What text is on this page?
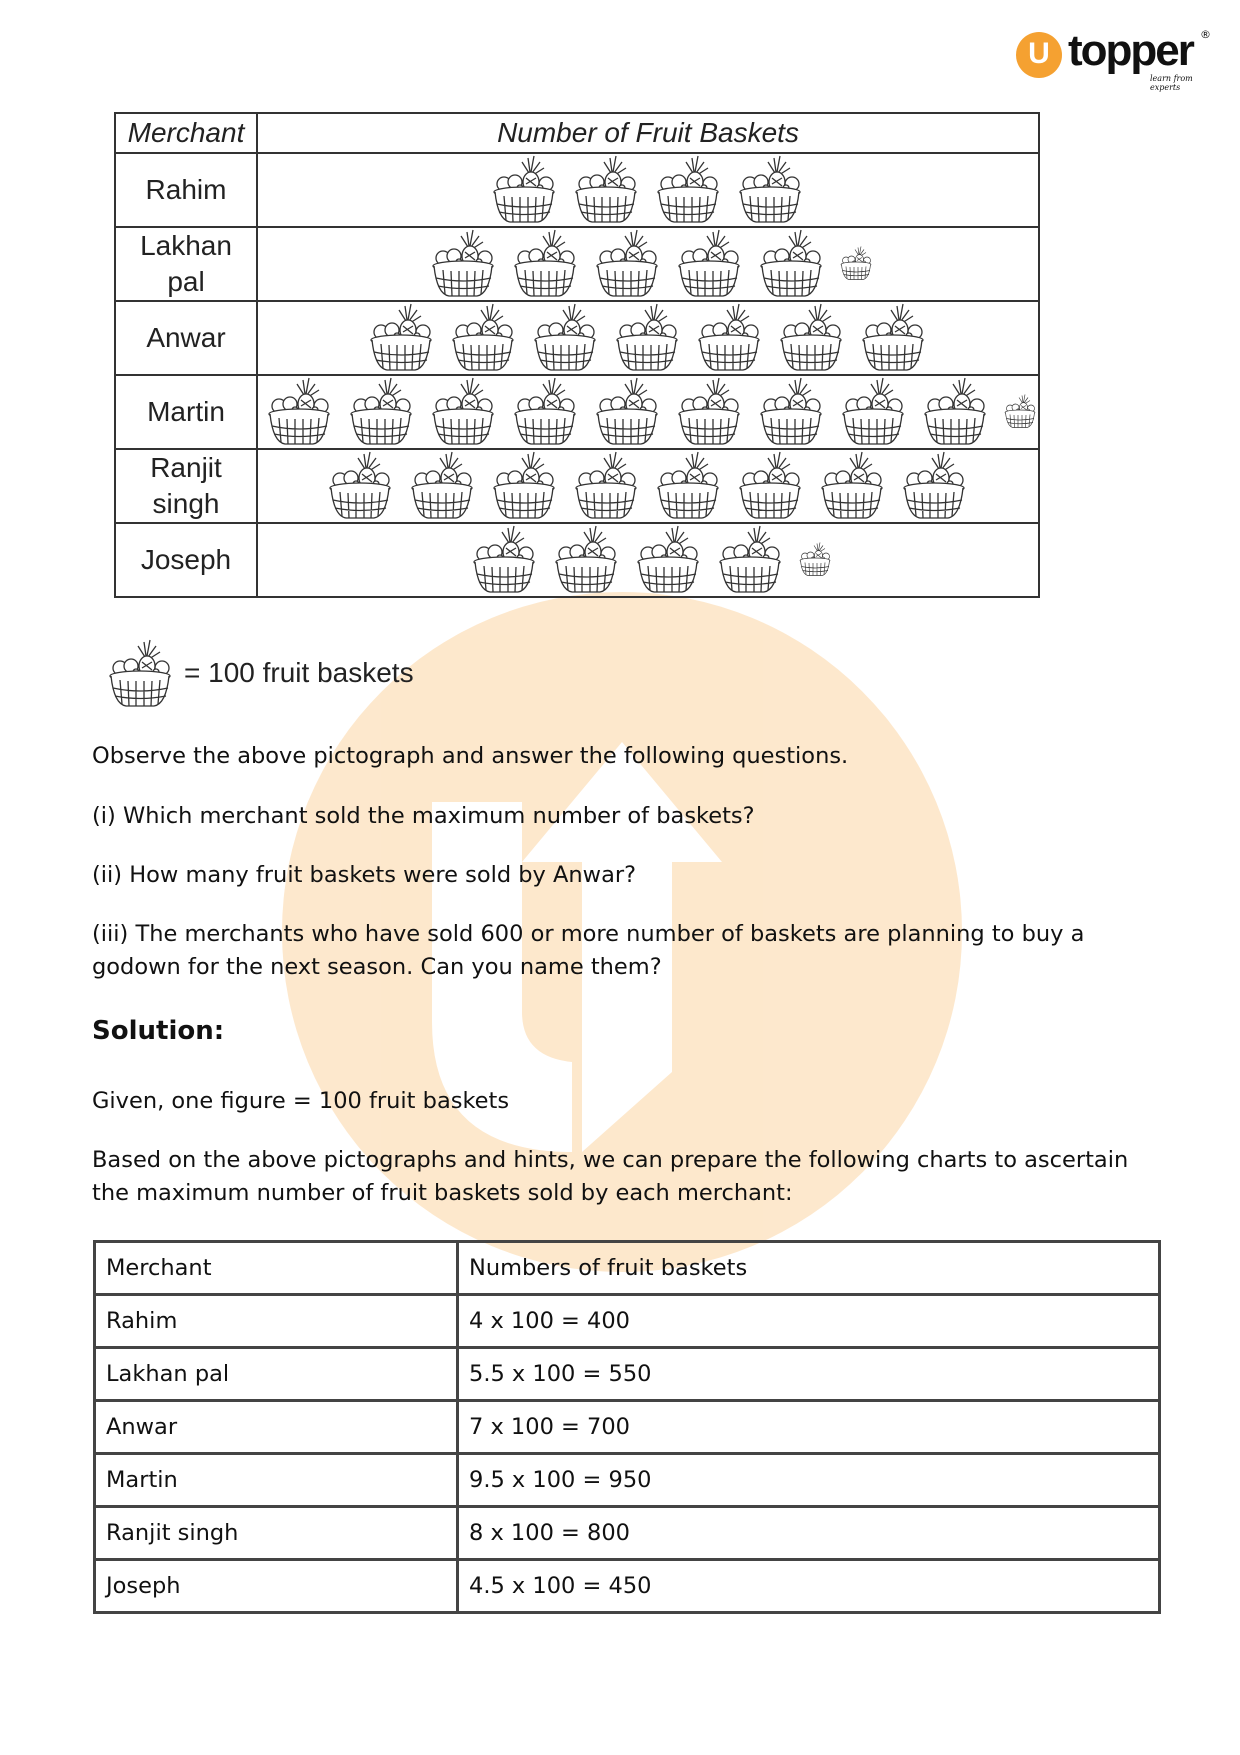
U topper ®
learn from experts
Merchant	Number of Fruit Baskets
Rahim	

Lakhan
pal	

Anwar	

Martin	

Ranjit
singh	

Joseph	
= 100 fruit baskets

Observe the above pictograph and answer the following questions.

(i) Which merchant sold the maximum number of baskets?

(ii) How many fruit baskets were sold by Anwar?

(iii) The merchants who have sold 600 or more number of baskets are planning to buy a godown for the next season. Can you name them?

Solution:

Given, one figure = 100 fruit baskets

Based on the above pictographs and hints, we can prepare the following charts to ascertain the maximum number of fruit baskets sold by each merchant:

Merchant	Numbers of fruit baskets
Rahim	4 x 100 = 400
Lakhan pal	5.5 x 100 = 550
Anwar	7 x 100 = 700
Martin	9.5 x 100 = 950
Ranjit singh	8 x 100 = 800
Joseph	4.5 x 100 = 450
